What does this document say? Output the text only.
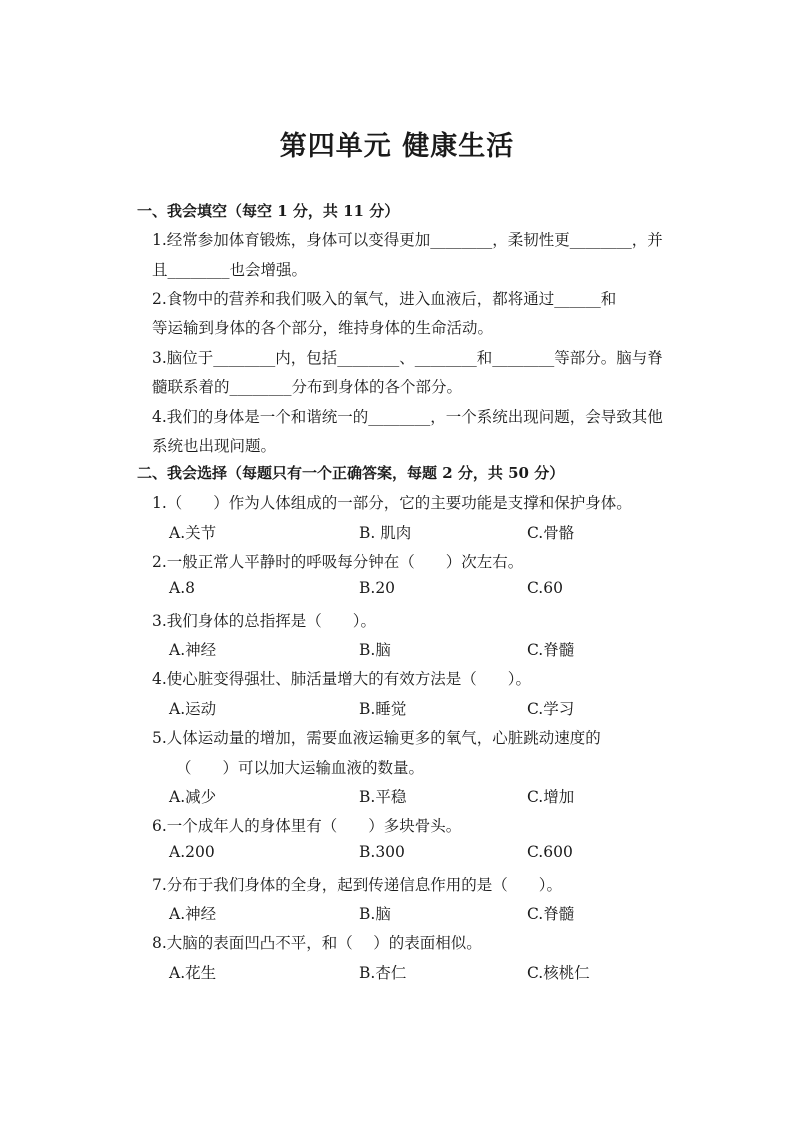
第四单元 健康生活
一、我会填空（每空 1 分，共 11 分）
1.经常参加体育锻炼，身体可以变得更加________，柔韧性更________，并
且________也会增强。
2.食物中的营养和我们吸入的氧气，进入血液后，都将通过______和
等运输到身体的各个部分，维持身体的生命活动。
3.脑位于________内，包括________、________和________等部分。脑与脊
髓联系着的________分布到身体的各个部分。
4.我们的身体是一个和谐统一的________，一个系统出现问题，会导致其他
系统也出现问题。
二、我会选择（每题只有一个正确答案，每题 2 分，共 50 分）
1.（　　）作为人体组成的一部分，它的主要功能是支撑和保护身体。
A.关节	B. 肌肉	C.骨骼
2.一般正常人平静时的呼吸每分钟在（　　）次左右。
A.8	B.20	C.60
3.我们身体的总指挥是（　　）。
A.神经	B.脑	C.脊髓
4.使心脏变得强壮、肺活量增大的有效方法是（　　）。
A.运动	B.睡觉	C.学习
5.人体运动量的增加，需要血液运输更多的氧气，心脏跳动速度的
（　　）可以加大运输血液的数量。
A.减少	B.平稳	C.增加
6.一个成年人的身体里有（　　）多块骨头。
A.200	B.300	C.600
7.分布于我们身体的全身，起到传递信息作用的是（　　）。
A.神经	B.脑	C.脊髓
8.大脑的表面凹凸不平，和（　 ）的表面相似。
A.花生	B.杏仁	C.核桃仁
